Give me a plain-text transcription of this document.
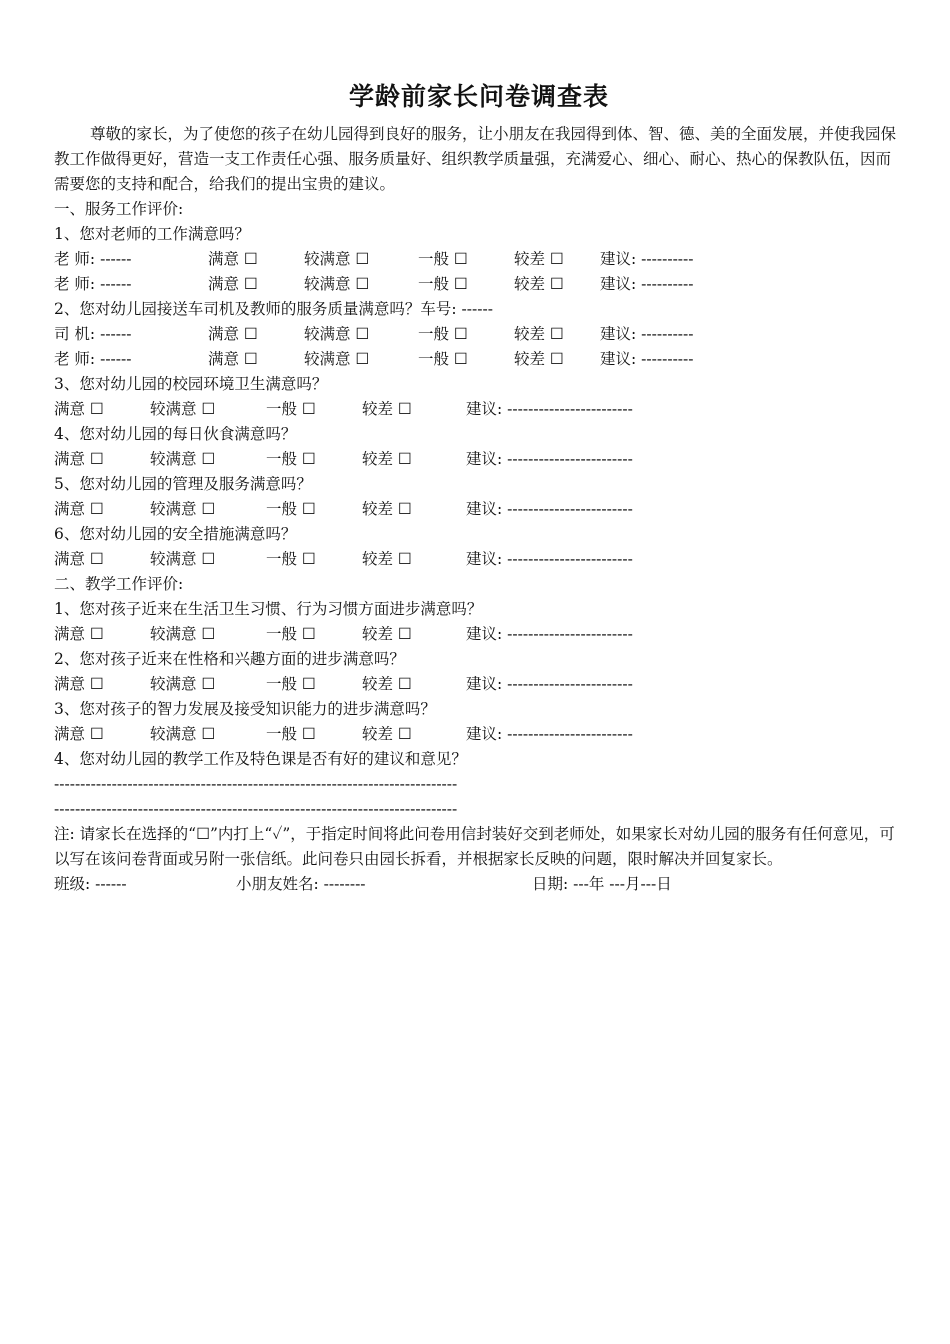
学龄前家长问卷调查表

尊敬的家长，为了使您的孩子在幼儿园得到良好的服务，让小朋友在我园得到体、智、德、美的全面发展，并使我园保教工作做得更好，营造一支工作责任心强、服务质量好、组织教学质量强，充满爱心、细心、耐心、热心的保教队伍，因而需要您的支持和配合，给我们的提出宝贵的建议。

一、服务工作评价:
1、您对老师的工作满意吗？
老 师: ------	满意 ☐	较满意 ☐	一般 ☐	较差 ☐ 建议: ----------
老 师: ------	满意 ☐	较满意 ☐	一般 ☐	较差 ☐ 建议: ----------
2、您对幼儿园接送车司机及教师的服务质量满意吗？车号: ------
司 机: ------	满意 ☐	较满意 ☐	一般 ☐	较差 ☐ 建议: ----------
老 师: ------	满意 ☐	较满意 ☐	一般 ☐	较差 ☐ 建议: ----------
3、您对幼儿园的校园环境卫生满意吗？
满意 ☐	较满意 ☐	一般 ☐	较差 ☐	建议: ------------------------
4、您对幼儿园的每日伙食满意吗？
满意 ☐	较满意 ☐	一般 ☐	较差 ☐	建议: ------------------------
5、您对幼儿园的管理及服务满意吗？
满意 ☐	较满意 ☐	一般 ☐	较差 ☐	建议: ------------------------
6、您对幼儿园的安全措施满意吗？
满意 ☐	较满意 ☐	一般 ☐	较差 ☐	建议: ------------------------
二、教学工作评价:
1、您对孩子近来在生活卫生习惯、行为习惯方面进步满意吗？
满意 ☐	较满意 ☐	一般 ☐	较差 ☐	建议: ------------------------
2、您对孩子近来在性格和兴趣方面的进步满意吗？
满意 ☐	较满意 ☐	一般 ☐	较差 ☐	建议: ------------------------
3、您对孩子的智力发展及接受知识能力的进步满意吗？
满意 ☐	较满意 ☐	一般 ☐	较差 ☐	建议: ------------------------
4、您对幼儿园的教学工作及特色课是否有好的建议和意见？
-----------------------------------------------------------------------------
-----------------------------------------------------------------------------

注: 请家长在选择的“☐”内打上“✓”，于指定时间将此问卷用信封装好交到老师处，如果家长对幼儿园的服务有任何意见，可以写在该问卷背面或另附一张信纸。此问卷只由园长拆看，并根据家长反映的问题，限时解决并回复家长。

班级: ------	小朋友姓名: --------	日期: ---年 ---月---日
